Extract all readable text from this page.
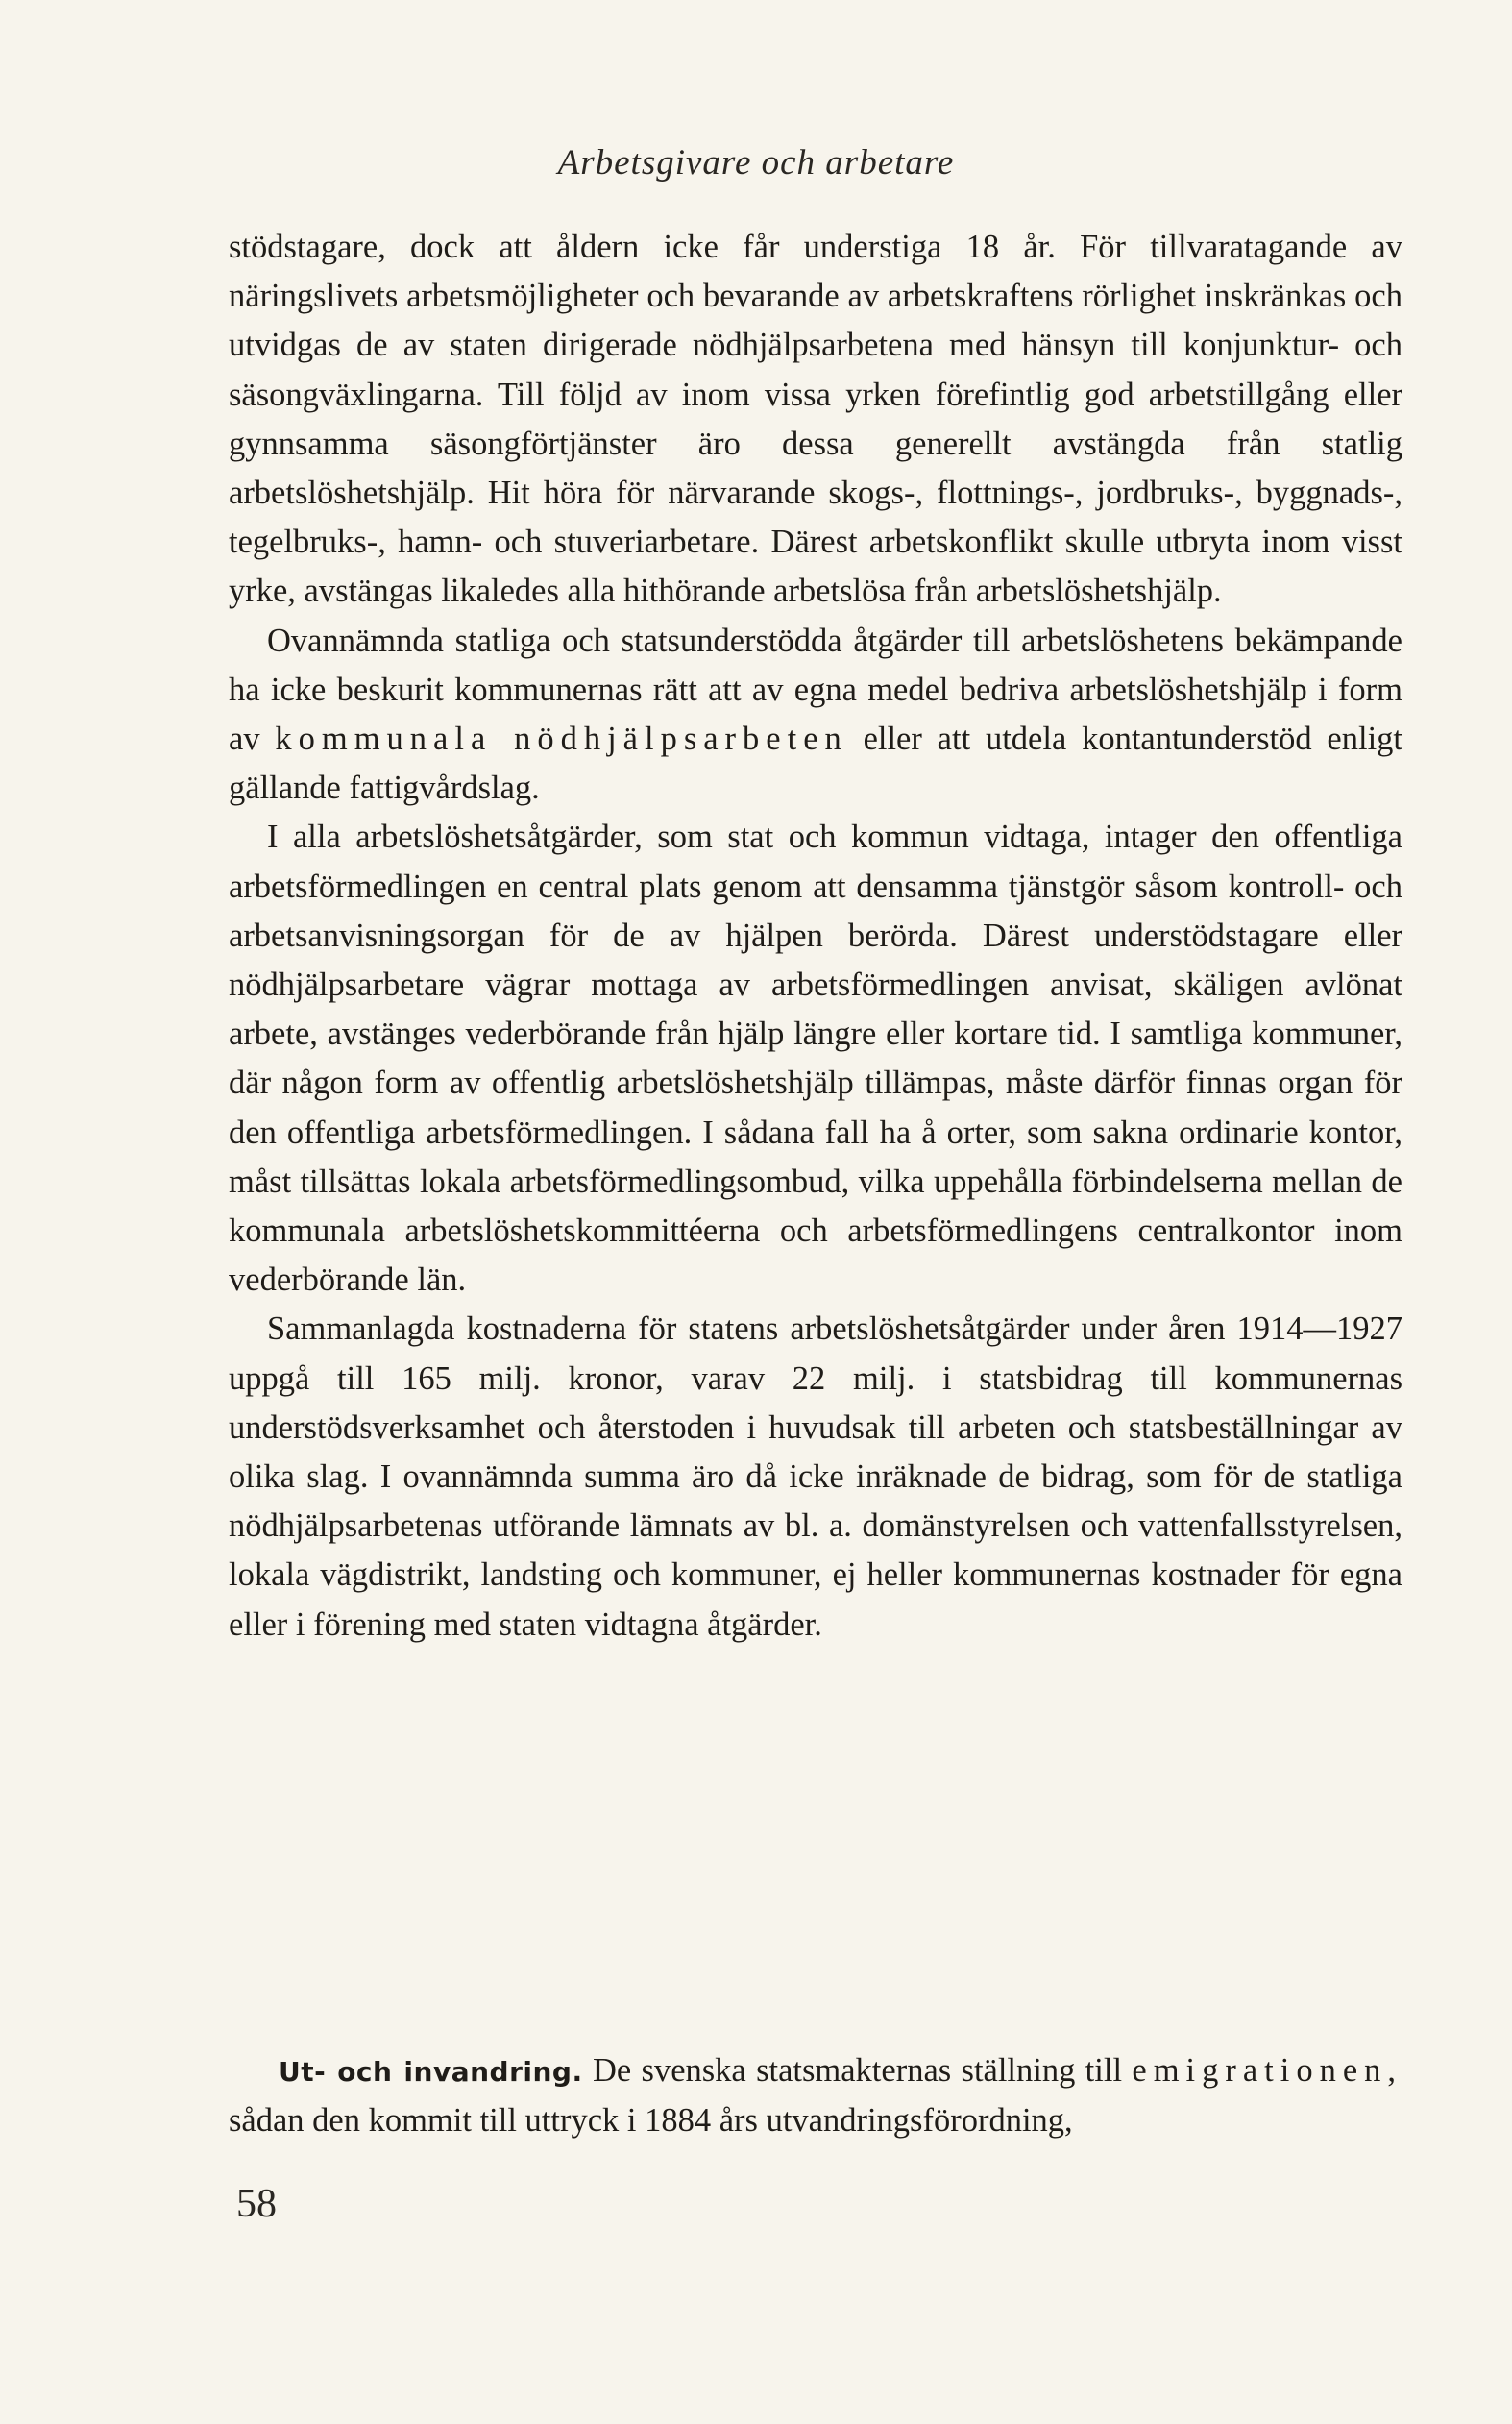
Arbetsgivare och arbetare

stödstagare, dock att åldern icke får understiga 18 år. För tillvaratagande av näringslivets arbetsmöjligheter och bevarande av arbetskraftens rörlighet inskränkas och utvidgas de av staten dirigerade nödhjälpsarbetena med hänsyn till konjunktur- och säsongväxlingarna. Till följd av inom vissa yrken förefintlig god arbetstillgång eller gynnsamma säsongförtjänster äro dessa generellt avstängda från statlig arbetslöshetshjälp. Hit höra för närvarande skogs-, flottnings-, jordbruks-, byggnads-, tegelbruks-, hamn- och stuveriarbetare. Därest arbetskonflikt skulle utbryta inom visst yrke, avstängas likaledes alla hithörande arbetslösa från arbetslöshetshjälp.

Ovannämnda statliga och statsunderstödda åtgärder till arbetslöshetens bekämpande ha icke beskurit kommunernas rätt att av egna medel bedriva arbetslöshetshjälp i form av kommunala nödhjälpsarbeten eller att utdela kontantunderstöd enligt gällande fattigvårdslag.

I alla arbetslöshetsåtgärder, som stat och kommun vidtaga, intager den offentliga arbetsförmedlingen en central plats genom att densamma tjänstgör såsom kontroll- och arbetsanvisningsorgan för de av hjälpen berörda. Därest understödstagare eller nödhjälpsarbetare vägrar mottaga av arbetsförmedlingen anvisat, skäligen avlönat arbete, avstänges vederbörande från hjälp längre eller kortare tid. I samtliga kommuner, där någon form av offentlig arbetslöshetshjälp tillämpas, måste därför finnas organ för den offentliga arbetsförmedlingen. I sådana fall ha å orter, som sakna ordinarie kontor, måst tillsättas lokala arbetsförmedlingsombud, vilka uppehålla förbindelserna mellan de kommunala arbetslöshetskommittéerna och arbetsförmedlingens centralkontor inom vederbörande län.

Sammanlagda kostnaderna för statens arbetslöshetsåtgärder under åren 1914—1927 uppgå till 165 milj. kronor, varav 22 milj. i statsbidrag till kommunernas understödsverksamhet och återstoden i huvudsak till arbeten och statsbeställningar av olika slag. I ovannämnda summa äro då icke inräknade de bidrag, som för de statliga nödhjälpsarbetenas utförande lämnats av bl. a. domänstyrelsen och vattenfallsstyrelsen, lokala vägdistrikt, landsting och kommuner, ej heller kommunernas kostnader för egna eller i förening med staten vidtagna åtgärder.

Ut- och invandring. De svenska statsmakternas ställning till emigrationen, sådan den kommit till uttryck i 1884 års utvandringsförordning,

58
